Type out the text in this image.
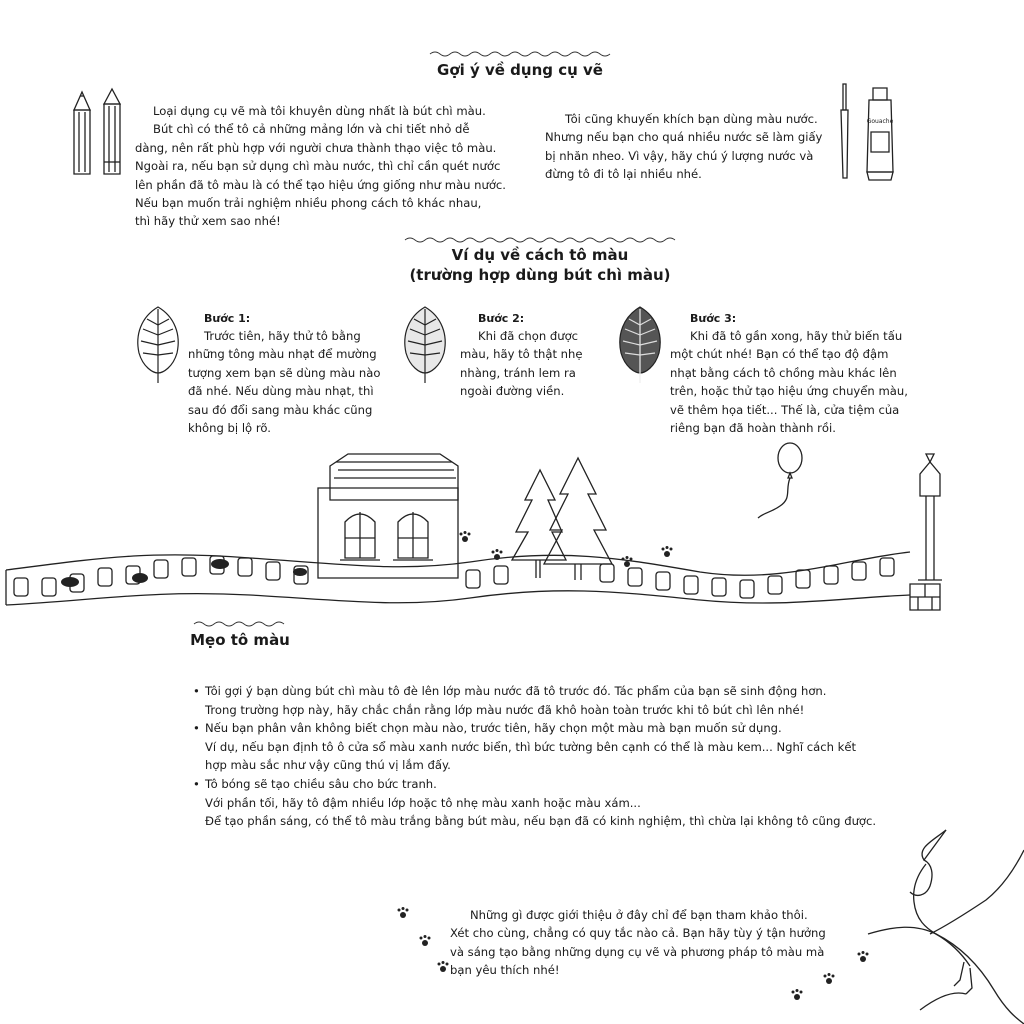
Gợi ý về dụng cụ vẽ

Loại dụng cụ vẽ mà tôi khuyên dùng nhất là bút chì màu.

Bút chì có thể tô cả những mảng lớn và chi tiết nhỏ dễ

dàng, nên rất phù hợp với người chưa thành thạo việc tô màu.

Ngoài ra, nếu bạn sử dụng chì màu nước, thì chỉ cần quét nước

lên phần đã tô màu là có thể tạo hiệu ứng giống như màu nước.

Nếu bạn muốn trải nghiệm nhiều phong cách tô khác nhau,

thì hãy thử xem sao nhé!

Tôi cũng khuyến khích bạn dùng màu nước.

Nhưng nếu bạn cho quá nhiều nước sẽ làm giấy

bị nhăn nheo. Vì vậy, hãy chú ý lượng nước và

đừng tô đi tô lại nhiều nhé.

Gouache
Ví dụ về cách tô màu
(trường hợp dùng bút chì màu)
Bước 1:
Trước tiên, hãy thử tô bằng
những tông màu nhạt để mường
tượng xem bạn sẽ dùng màu nào
đã nhé. Nếu dùng màu nhạt, thì
sau đó đổi sang màu khác cũng
không bị lộ rõ.
Bước 2:
Khi đã chọn được
màu, hãy tô thật nhẹ
nhàng, tránh lem ra
ngoài đường viền.
Bước 3:
Khi đã tô gần xong, hãy thử biến tấu
một chút nhé! Bạn có thể tạo độ đậm
nhạt bằng cách tô chồng màu khác lên
trên, hoặc thử tạo hiệu ứng chuyển màu,
vẽ thêm họa tiết... Thế là, cửa tiệm của
riêng bạn đã hoàn thành rồi.
Mẹo tô màu
• Tôi gợi ý bạn dùng bút chì màu tô đè lên lớp màu nước đã tô trước đó. Tác phẩm của bạn sẽ sinh động hơn.
Trong trường hợp này, hãy chắc chắn rằng lớp màu nước đã khô hoàn toàn trước khi tô bút chì lên nhé!
• Nếu bạn phân vân không biết chọn màu nào, trước tiên, hãy chọn một màu mà bạn muốn sử dụng.
Ví dụ, nếu bạn định tô ô cửa sổ màu xanh nước biển, thì bức tường bên cạnh có thể là màu kem... Nghĩ cách kết
hợp màu sắc như vậy cũng thú vị lắm đấy.
• Tô bóng sẽ tạo chiều sâu cho bức tranh.
Với phần tối, hãy tô đậm nhiều lớp hoặc tô nhẹ màu xanh hoặc màu xám...
Để tạo phần sáng, có thể tô màu trắng bằng bút màu, nếu bạn đã có kinh nghiệm, thì chừa lại không tô cũng được.

Những gì được giới thiệu ở đây chỉ để bạn tham khảo thôi.

Xét cho cùng, chẳng có quy tắc nào cả. Bạn hãy tùy ý tận hưởng

và sáng tạo bằng những dụng cụ vẽ và phương pháp tô màu mà

bạn yêu thích nhé!
